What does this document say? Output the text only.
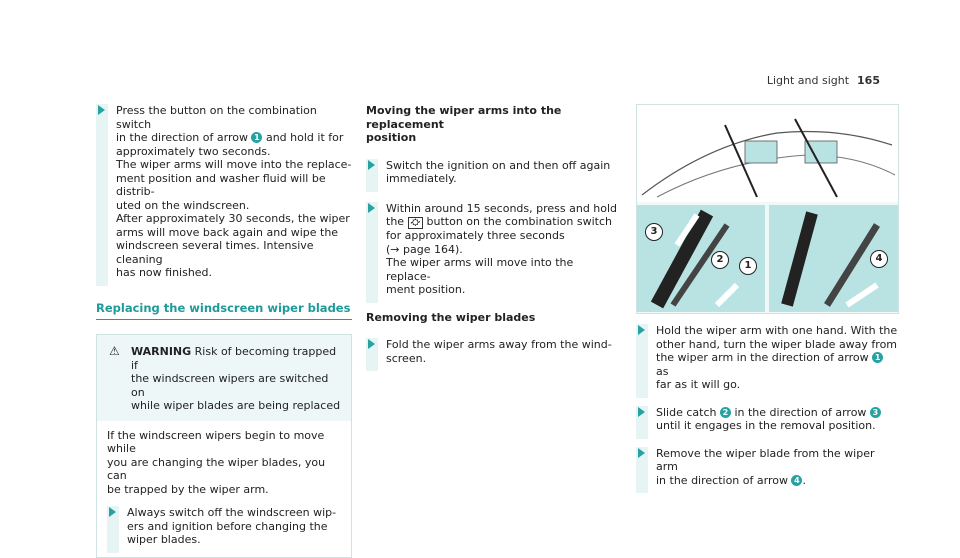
Light and sight 165

Press the button on the combination switch

in the direction of arrow 1 and hold it for

approximately two seconds.

The wiper arms will move into the replace-

ment position and washer fluid will be distrib-

uted on the windscreen.

After approximately 30 seconds, the wiper

arms will move back again and wipe the

windscreen several times. Intensive cleaning

has now finished.

Replacing the windscreen wiper blades
⚠ WARNING Risk of becoming trapped if

the windscreen wipers are switched on

while wiper blades are being replaced

If the windscreen wipers begin to move while

you are changing the wiper blades, you can

be trapped by the wiper arm.

Always switch off the windscreen wip-

ers and ignition before changing the

wiper blades.

Moving the wiper arms into the replacement
position

Switch the ignition on and then off again

immediately.

Within around 15 seconds, press and hold

the ⛮ button on the combination switch

for approximately three seconds

(→ page 164).

The wiper arms will move into the replace-

ment position.

Removing the wiper blades

Fold the wiper arms away from the wind-

screen.

3
2
1
4

Hold the wiper arm with one hand. With the

other hand, turn the wiper blade away from

the wiper arm in the direction of arrow 1 as

far as it will go.

Slide catch 2 in the direction of arrow 3

until it engages in the removal position.

Remove the wiper blade from the wiper arm

in the direction of arrow 4 .
